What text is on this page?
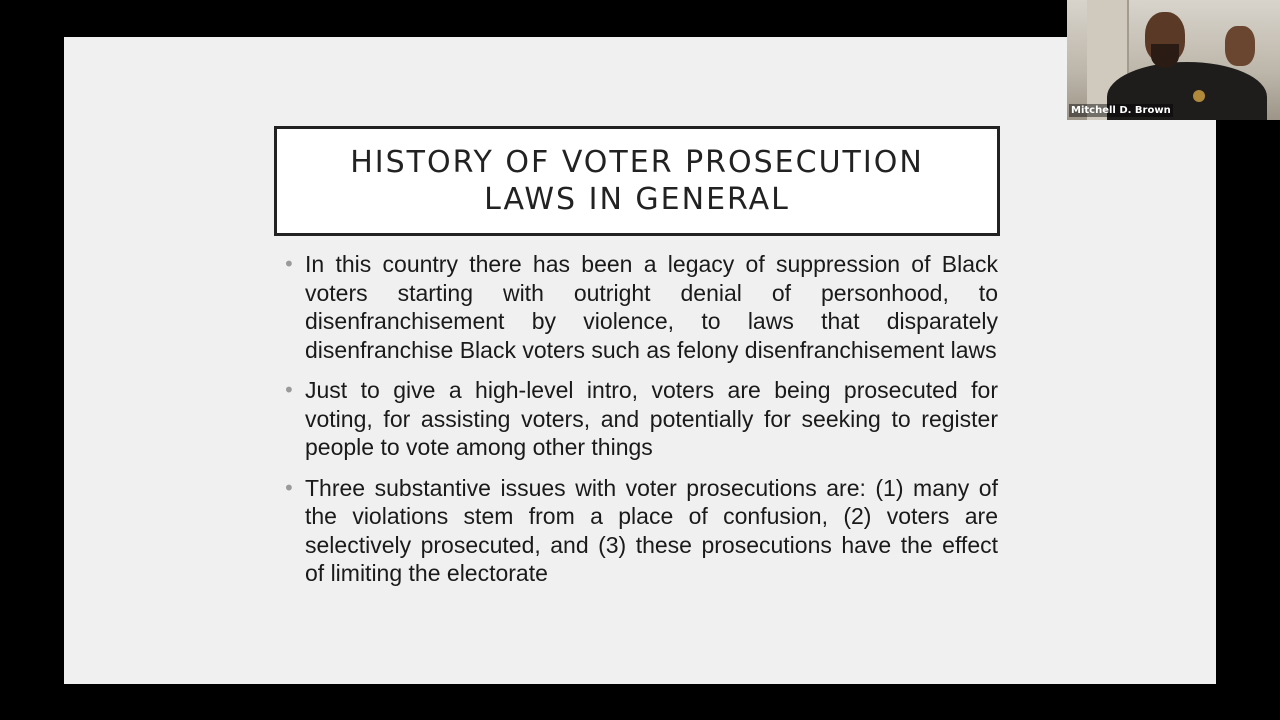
HISTORY OF VOTER PROSECUTION
LAWS IN GENERAL
• In this country there has been a legacy of suppression of Black voters starting with outright denial of personhood, to disenfranchisement by violence, to laws that disparately disenfranchise Black voters such as felony disenfranchisement laws
• Just to give a high-level intro, voters are being prosecuted for voting, for assisting voters, and potentially for seeking to register people to vote among other things
• Three substantive issues with voter prosecutions are: (1) many of the violations stem from a place of confusion, (2) voters are selectively prosecuted, and (3) these prosecutions have the effect of limiting the electorate
Mitchell D. Brown
